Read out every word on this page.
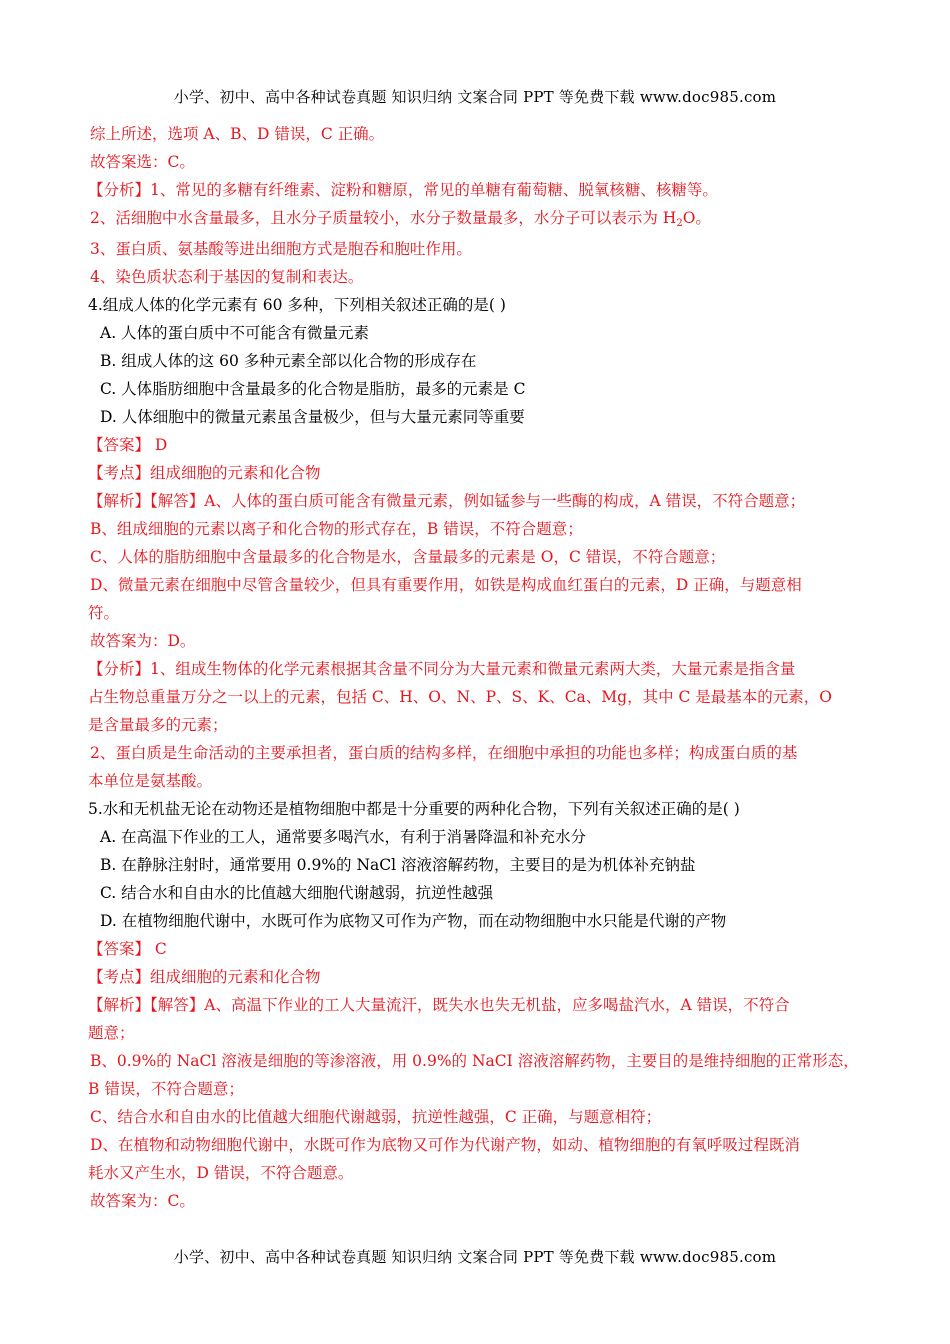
小学、初中、高中各种试卷真题 知识归纳 文案合同 PPT 等免费下载 www.doc985.com

综上所述，选项 A、B、D 错误，C 正确。

故答案选：C。

【分析】1、常见的多糖有纤维素、淀粉和糖原，常见的单糖有葡萄糖、脱氧核糖、核糖等。

2、活细胞中水含量最多，且水分子质量较小，水分子数量最多，水分子可以表示为 $H_2O$。

3、蛋白质、氨基酸等进出细胞方式是胞吞和胞吐作用。

4、染色质状态利于基因的复制和表达。

4.组成人体的化学元素有 60 多种，下列相关叙述正确的是( )

A. 人体的蛋白质中不可能含有微量元素

B. 组成人体的这 60 多种元素全部以化合物的形成存在

C. 人体脂肪细胞中含量最多的化合物是脂肪，最多的元素是 C

D. 人体细胞中的微量元素虽含量极少，但与大量元素同等重要

【答案】 D

【考点】组成细胞的元素和化合物

【解析】【解答】A、人体的蛋白质可能含有微量元素，例如锰参与一些酶的构成，A 错误，不符合题意；

B、组成细胞的元素以离子和化合物的形式存在，B 错误，不符合题意；

C、人体的脂肪细胞中含量最多的化合物是水，含量最多的元素是 O，C 错误，不符合题意；

D、微量元素在细胞中尽管含量较少，但具有重要作用，如铁是构成血红蛋白的元素，D 正确，与题意相

符。

故答案为：D。

【分析】1、组成生物体的化学元素根据其含量不同分为大量元素和微量元素两大类，大量元素是指含量

占生物总重量万分之一以上的元素，包括 C、H、O、N、P、S、K、Ca、Mg，其中 C 是最基本的元素，O

是含量最多的元素；

2、蛋白质是生命活动的主要承担者，蛋白质的结构多样，在细胞中承担的功能也多样；构成蛋白质的基

本单位是氨基酸。

5.水和无机盐无论在动物还是植物细胞中都是十分重要的两种化合物，下列有关叙述正确的是( )

A. 在高温下作业的工人，通常要多喝汽水，有利于消暑降温和补充水分

B. 在静脉注射时，通常要用 0.9%的 NaCl 溶液溶解药物，主要目的是为机体补充钠盐

C. 结合水和自由水的比值越大细胞代谢越弱，抗逆性越强

D. 在植物细胞代谢中，水既可作为底物又可作为产物，而在动物细胞中水只能是代谢的产物

【答案】 C

【考点】组成细胞的元素和化合物

【解析】【解答】A、高温下作业的工人大量流汗，既失水也失无机盐，应多喝盐汽水，A 错误，不符合

题意；

B、0.9%的 NaCl 溶液是细胞的等渗溶液，用 0.9%的 NaCI 溶液溶解药物，主要目的是维持细胞的正常形态，

B 错误，不符合题意；

C、结合水和自由水的比值越大细胞代谢越弱，抗逆性越强，C 正确，与题意相符；

D、在植物和动物细胞代谢中，水既可作为底物又可作为代谢产物，如动、植物细胞的有氧呼吸过程既消

耗水又产生水，D 错误，不符合题意。

故答案为：C。

小学、初中、高中各种试卷真题 知识归纳 文案合同 PPT 等免费下载 www.doc985.com
